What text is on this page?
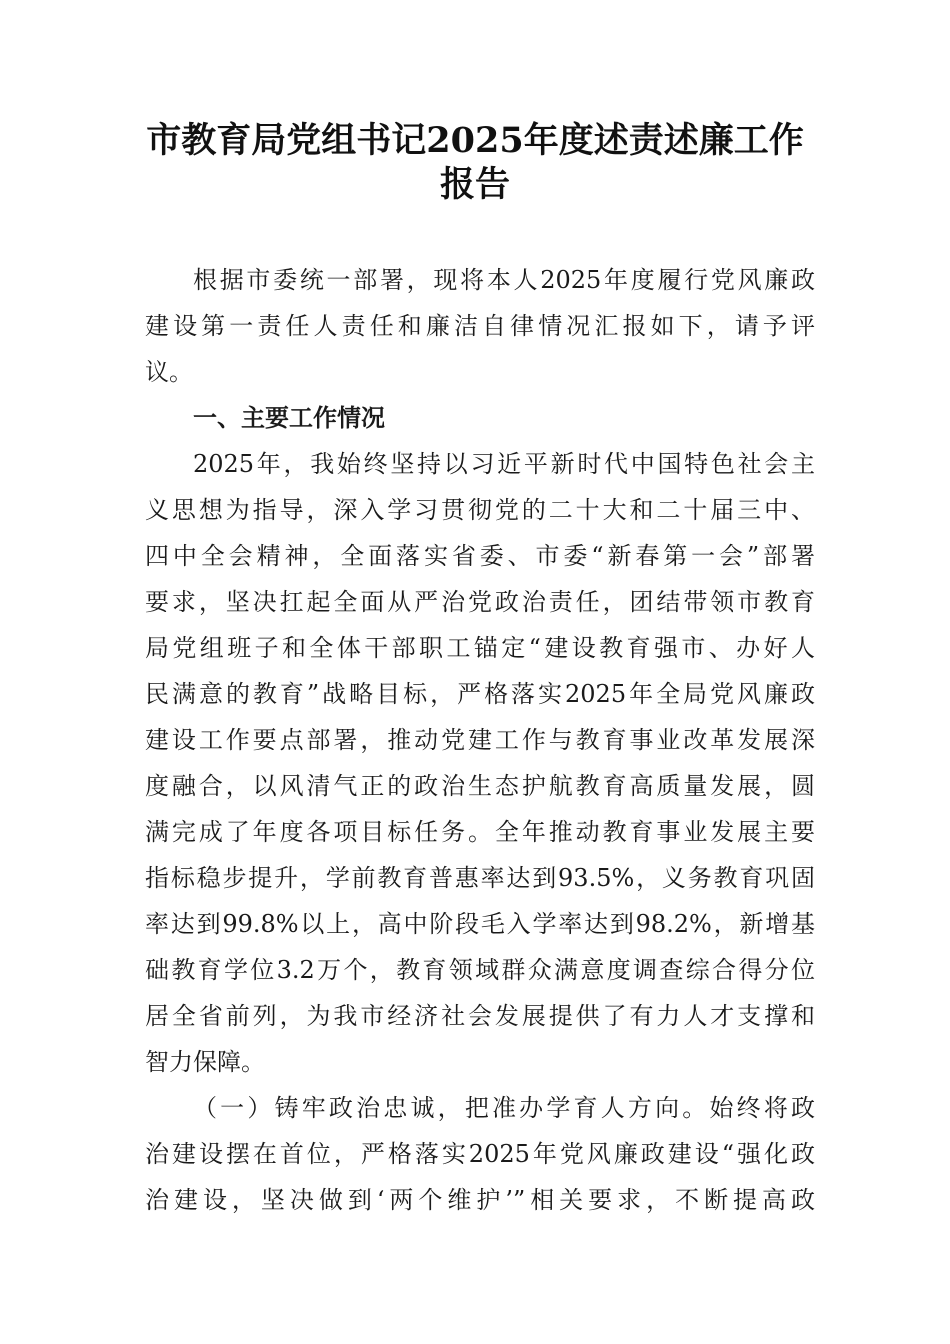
市教育局党组书记2025年度述责述廉工作
报告

根据市委统一部署，现将本人2025年度履行党风廉政

建设第一责任人责任和廉洁自律情况汇报如下，请予评

议。

一、主要工作情况

2025年，我始终坚持以习近平新时代中国特色社会主

义思想为指导，深入学习贯彻党的二十大和二十届三中、

四中全会精神，全面落实省委、市委“新春第一会”部署

要求，坚决扛起全面从严治党政治责任，团结带领市教育

局党组班子和全体干部职工锚定“建设教育强市、办好人

民满意的教育”战略目标，严格落实2025年全局党风廉政

建设工作要点部署，推动党建工作与教育事业改革发展深

度融合，以风清气正的政治生态护航教育高质量发展，圆

满完成了年度各项目标任务。全年推动教育事业发展主要

指标稳步提升，学前教育普惠率达到93.5%，义务教育巩固

率达到99.8%以上，高中阶段毛入学率达到98.2%，新增基

础教育学位3.2万个，教育领域群众满意度调查综合得分位

居全省前列，为我市经济社会发展提供了有力人才支撑和

智力保障。

（一）铸牢政治忠诚，把准办学育人方向。始终将政

治建设摆在首位，严格落实2025年党风廉政建设“强化政

治建设，坚决做到‘两个维护’”相关要求，不断提高政
